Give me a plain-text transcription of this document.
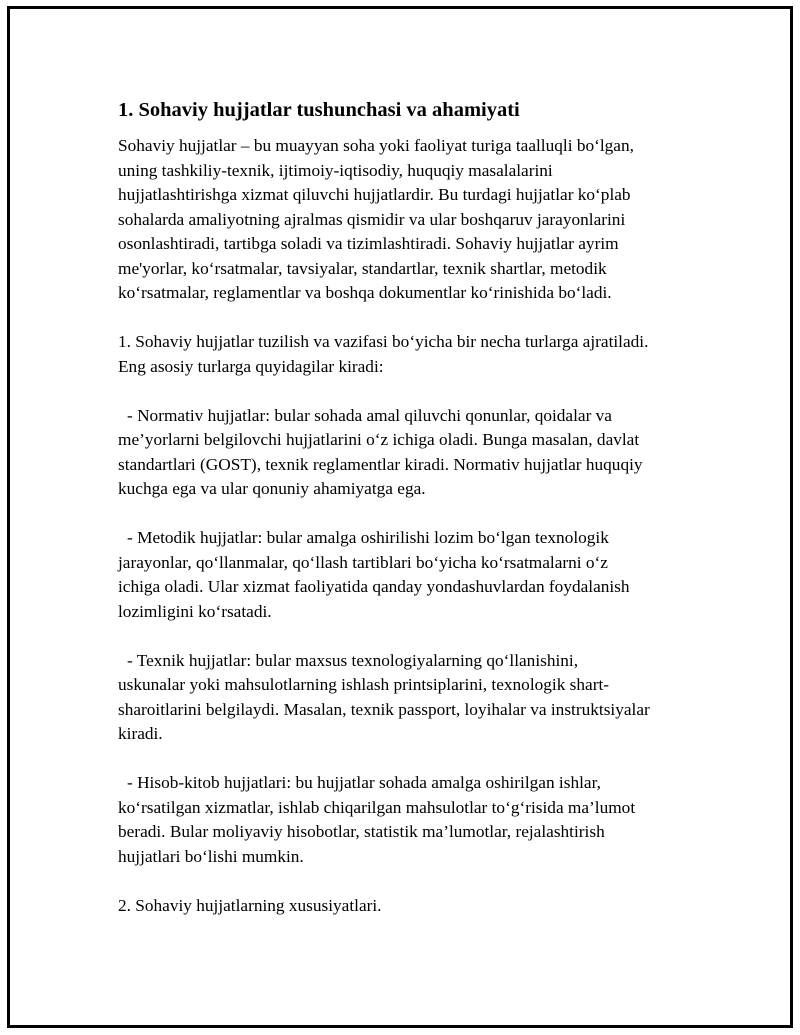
1. Sohaviy hujjatlar tushunchasi va ahamiyati

Sohaviy hujjatlar – bu muayyan soha yoki faoliyat turiga taalluqli bo‘lgan,
uning tashkiliy-texnik, ijtimoiy-iqtisodiy, huquqiy masalalarini
hujjatlashtirishga xizmat qiluvchi hujjatlardir. Bu turdagi hujjatlar ko‘plab
sohalarda amaliyotning ajralmas qismidir va ular boshqaruv jarayonlarini
osonlashtiradi, tartibga soladi va tizimlashtiradi. Sohaviy hujjatlar ayrim
me'yorlar, ko‘rsatmalar, tavsiyalar, standartlar, texnik shartlar, metodik
ko‘rsatmalar, reglamentlar va boshqa dokumentlar ko‘rinishida bo‘ladi.

1. Sohaviy hujjatlar tuzilish va vazifasi bo‘yicha bir necha turlarga ajratiladi.
Eng asosiy turlarga quyidagilar kiradi:

- Normativ hujjatlar: bular sohada amal qiluvchi qonunlar, qoidalar va
me’yorlarni belgilovchi hujjatlarini o‘z ichiga oladi. Bunga masalan, davlat
standartlari (GOST), texnik reglamentlar kiradi. Normativ hujjatlar huquqiy
kuchga ega va ular qonuniy ahamiyatga ega.

- Metodik hujjatlar: bular amalga oshirilishi lozim bo‘lgan texnologik
jarayonlar, qo‘llanmalar, qo‘llash tartiblari bo‘yicha ko‘rsatmalarni o‘z
ichiga oladi. Ular xizmat faoliyatida qanday yondashuvlardan foydalanish
lozimligini ko‘rsatadi.

- Texnik hujjatlar: bular maxsus texnologiyalarning qo‘llanishini,
uskunalar yoki mahsulotlarning ishlash printsiplarini, texnologik shart-
sharoitlarini belgilaydi. Masalan, texnik passport, loyihalar va instruktsiyalar
kiradi.

- Hisob-kitob hujjatlari: bu hujjatlar sohada amalga oshirilgan ishlar,
ko‘rsatilgan xizmatlar, ishlab chiqarilgan mahsulotlar to‘g‘risida ma’lumot
beradi. Bular moliyaviy hisobotlar, statistik ma’lumotlar, rejalashtirish
hujjatlari bo‘lishi mumkin.

2. Sohaviy hujjatlarning xususiyatlari.
